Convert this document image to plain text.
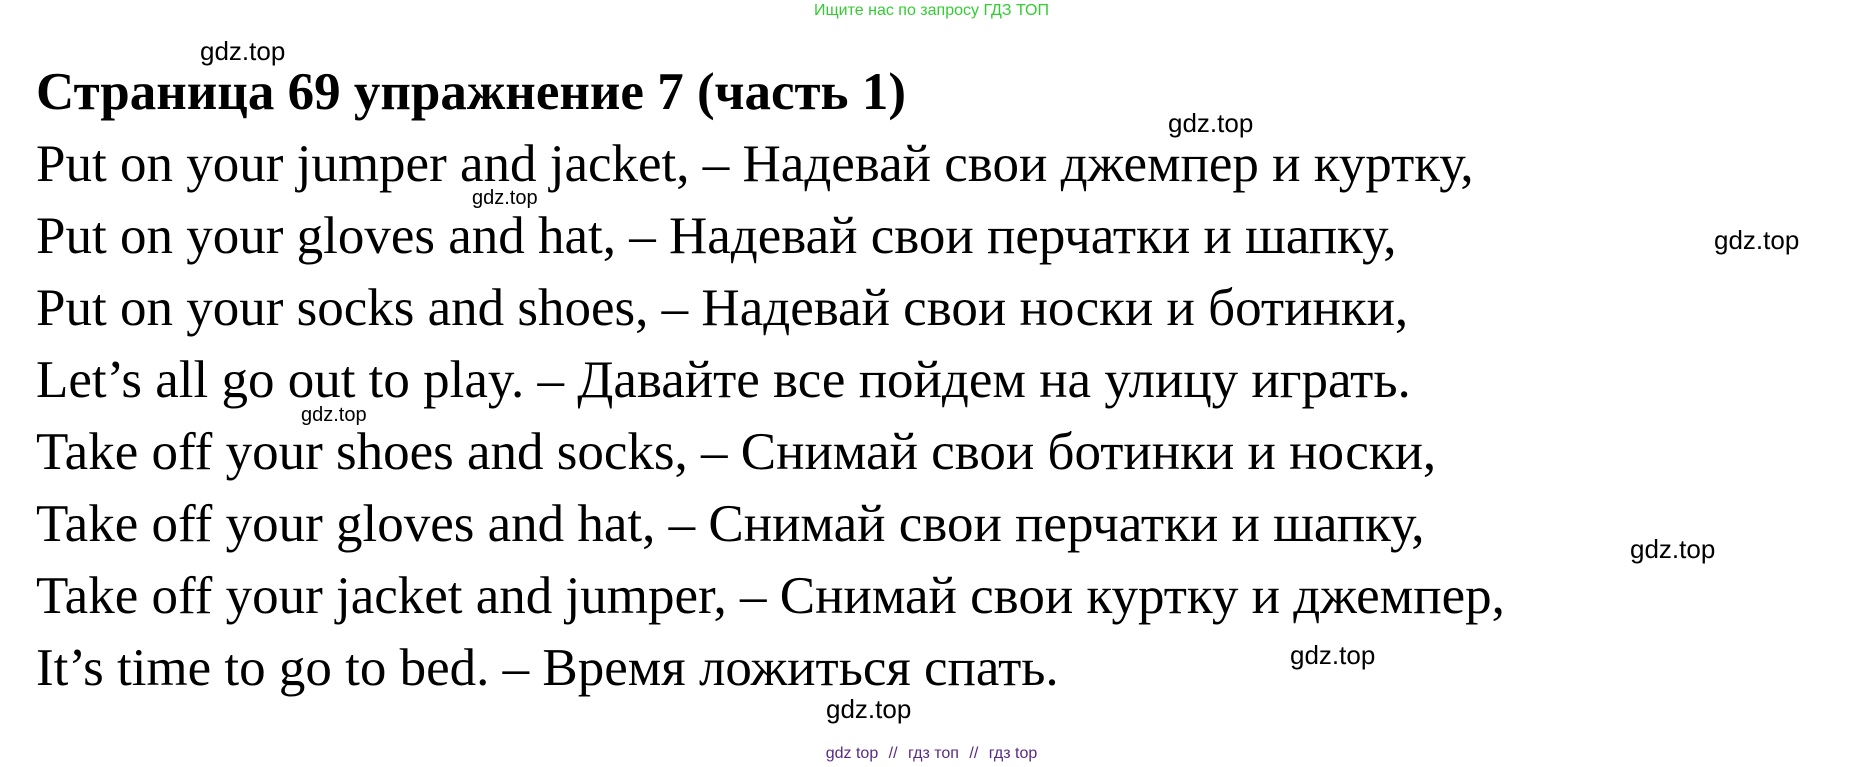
Ищите нас по запросу ГДЗ ТОП
Страница 69 упражнение 7 (часть 1)
Put on your jumper and jacket, – Надевай свои джемпер и куртку,
Put on your gloves and hat, – Надевай свои перчатки и шапку,
Put on your socks and shoes, – Надевай свои носки и ботинки,
Let’s all go out to play. – Давайте все пойдем на улицу играть.
Take off your shoes and socks, – Снимай свои ботинки и носки,
Take off your gloves and hat, – Снимай свои перчатки и шапку,
Take off your jacket and jumper, – Снимай свои куртку и джемпер,
It’s time to go to bed. – Время ложиться спать.
gdz.top
gdz.top
gdz.top
gdz.top
gdz.top
gdz.top
gdz.top
gdz.top
gdz top // гдз топ // гдз top
